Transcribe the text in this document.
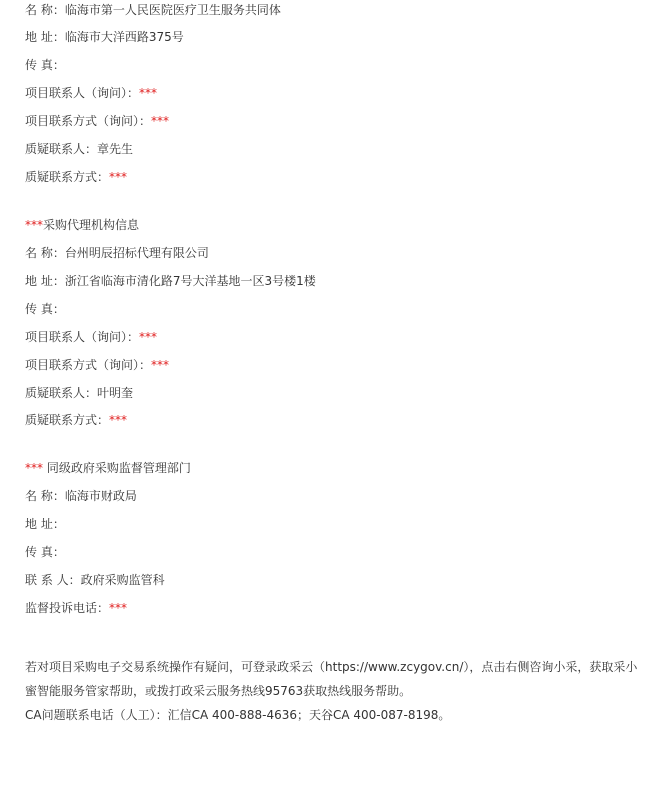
名 称：临海市第一人民医院医疗卫生服务共同体
地 址：临海市大洋西路375号
传 真：
项目联系人（询问）：***
项目联系方式（询问）：***
质疑联系人：章先生
质疑联系方式：***
***采购代理机构信息
名 称：台州明辰招标代理有限公司
地 址：浙江省临海市清化路7号大洋基地一区3号楼1楼
传 真：
项目联系人（询问）：***
项目联系方式（询问）：***
质疑联系人：叶明奎
质疑联系方式：***
*** 同级政府采购监督管理部门
名 称：临海市财政局
地 址：
传 真：
联 系 人：政府采购监管科
监督投诉电话：***

若对项目采购电子交易系统操作有疑问，可登录政采云（https://www.zcygov.cn/），点击右侧咨询小采，获取采小蜜智能服务管家帮助，或拨打政采云服务热线95763获取热线服务帮助。

CA问题联系电话（人工）：汇信CA 400-888-4636；天谷CA 400-087-8198。
